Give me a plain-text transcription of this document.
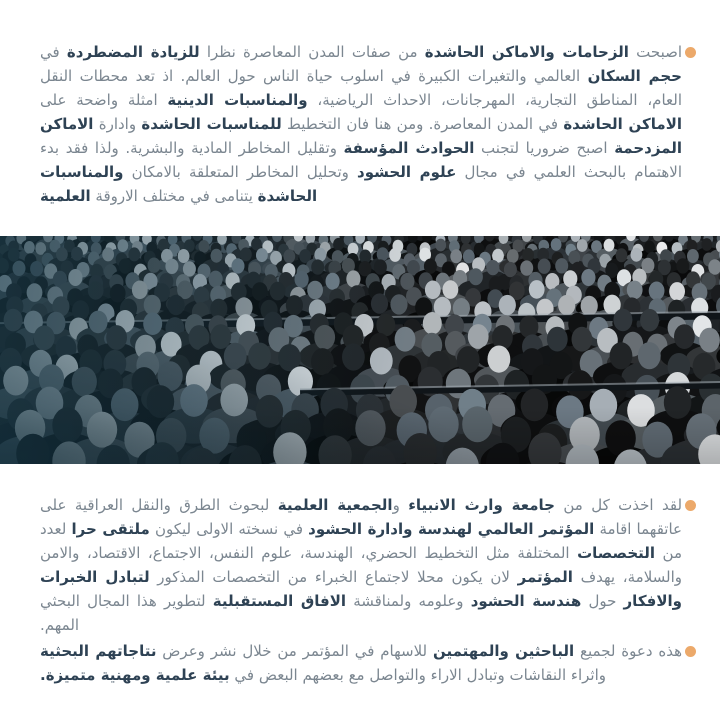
اصبحت الزحامات والاماكن الحاشدة من صفات المدن المعاصرة نظرا للزيادة المضطردة في حجم السكان العالمي والتغيرات الكبيرة في اسلوب حياة الناس حول العالم. اذ تعد محطات النقل العام، المناطق التجارية، المهرجانات، الاحداث الرياضية، والمناسبات الدينية امثلة واضحة على الاماكن الحاشدة في المدن المعاصرة. ومن هنا فان التخطيط للمناسبات الحاشدة وادارة الاماكن المزدحمة اصبح ضروريا لتجنب الحوادث المؤسفة وتقليل المخاطر المادية والبشرية. ولذا فقد بدء الاهتمام بالبحث العلمي في مجال علوم الحشود وتحليل المخاطر المتعلقة بالامكان والمناسبات الحاشدة يتنامى في مختلف الاروقة العلمية

لقد اخذت كل من جامعة وارث الانبياء والجمعية العلمية لبحوث الطرق والنقل العراقية على عاتقهما اقامة المؤتمر العالمي لهندسة وادارة الحشود في نسخته الاولى ليكون ملتقى حرا لعدد من التخصصات المختلفة مثل التخطيط الحضري، الهندسة، علوم النفس، الاجتماع، الاقتصاد، والامن والسلامة، يهدف المؤتمر لان يكون محلا لاجتماع الخبراء من التخصصات المذكور لتبادل الخبرات والافكار حول هندسة الحشود وعلومه ولمناقشة الافاق المستقبلية لتطوير هذا المجال البحثي المهم.

هذه دعوة لجميع الباحثين والمهتمين للاسهام في المؤتمر من خلال نشر وعرض نتاجاتهم البحثية واثراء النقاشات وتبادل الاراء والتواصل مع بعضهم البعض في بيئة علمية ومهنية متميزة.
